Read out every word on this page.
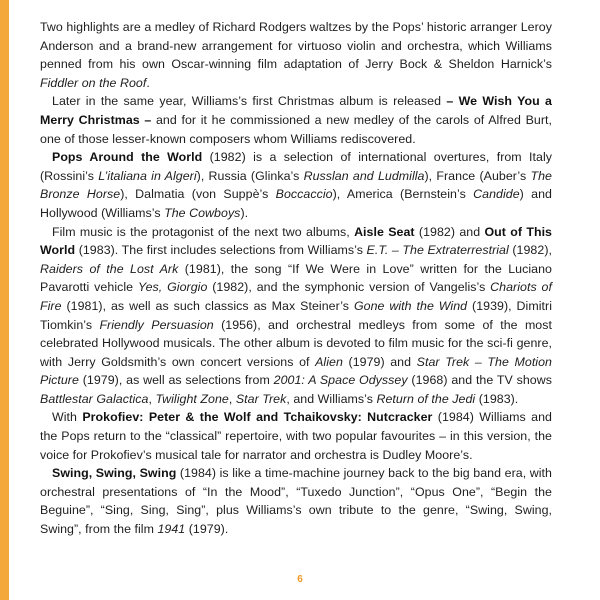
Two highlights are a medley of Richard Rodgers waltzes by the Pops’ historic arranger Leroy Anderson and a brand-new arrangement for virtuoso violin and orchestra, which Williams penned from his own Oscar-winning film adaptation of Jerry Bock & Sheldon Harnick’s Fiddler on the Roof.

Later in the same year, Williams’s first Christmas album is released – We Wish You a Merry Christmas – and for it he commissioned a new medley of the carols of Alfred Burt, one of those lesser-known composers whom Williams rediscovered.

Pops Around the World (1982) is a selection of international overtures, from Italy (Rossini’s L’italiana in Algeri), Russia (Glinka’s Russlan and Ludmilla), France (Auber’s The Bronze Horse), Dalmatia (von Suppè’s Boccaccio), America (Bernstein’s Candide) and Hollywood (Williams’s The Cowboys).

Film music is the protagonist of the next two albums, Aisle Seat (1982) and Out of This World (1983). The first includes selections from Williams’s E.T. – The Extraterrestrial (1982), Raiders of the Lost Ark (1981), the song “If We Were in Love” written for the Luciano Pavarotti vehicle Yes, Giorgio (1982), and the symphonic version of Vangelis’s Chariots of Fire (1981), as well as such classics as Max Steiner’s Gone with the Wind (1939), Dimitri Tiomkin’s Friendly Persuasion (1956), and orchestral medleys from some of the most celebrated Hollywood musicals. The other album is devoted to film music for the sci-fi genre, with Jerry Goldsmith’s own concert versions of Alien (1979) and Star Trek – The Motion Picture (1979), as well as selections from 2001: A Space Odyssey (1968) and the TV shows Battlestar Galactica, Twilight Zone, Star Trek, and Williams’s Return of the Jedi (1983).

With Prokofiev: Peter & the Wolf and Tchaikovsky: Nutcracker (1984) Williams and the Pops return to the “classical” repertoire, with two popular favourites – in this version, the voice for Prokofiev’s musical tale for narrator and orchestra is Dudley Moore’s.

Swing, Swing, Swing (1984) is like a time-machine journey back to the big band era, with orchestral presentations of “In the Mood”, “Tuxedo Junction”, “Opus One”, “Begin the Beguine”, “Sing, Sing, Sing”, plus Williams’s own tribute to the genre, “Swing, Swing, Swing”, from the film 1941 (1979).

6
